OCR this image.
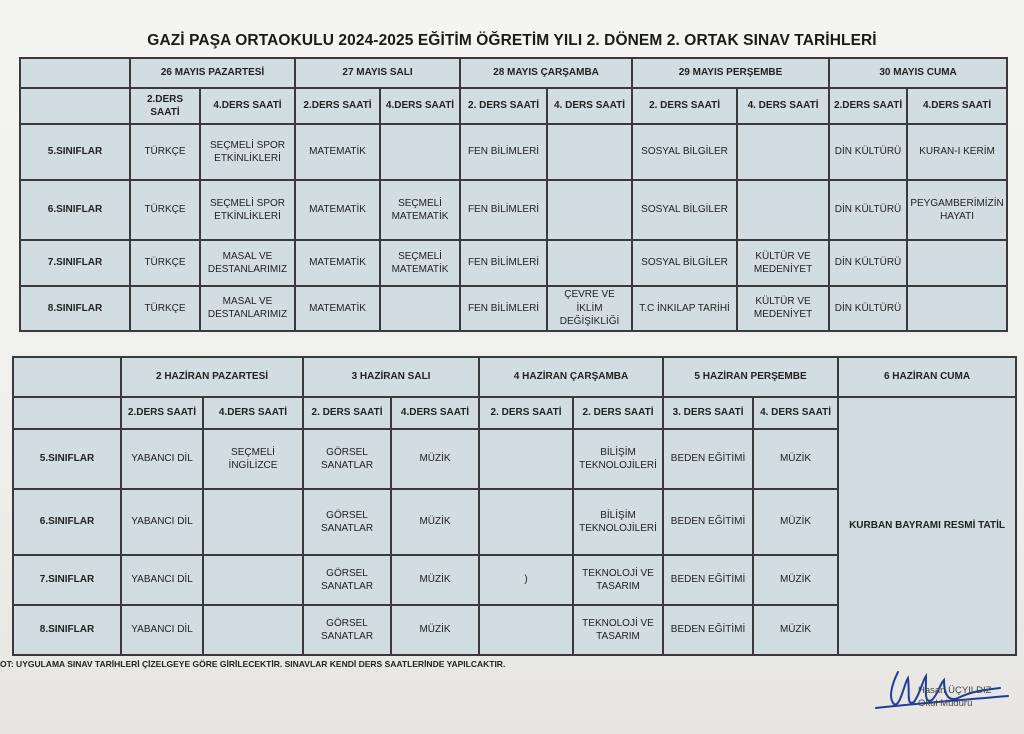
GAZİ PAŞA ORTAOKULU 2024-2025 EĞİTİM ÖĞRETİM YILI 2. DÖNEM 2. ORTAK SINAV TARİHLERİ
	26 MAYIS PAZARTESİ		27 MAYIS SALI		28 MAYIS ÇARŞAMBA		29 MAYIS PERŞEMBE		30 MAYIS CUMA	
	2.DERS SAATİ	4.DERS SAATİ	2.DERS SAATİ	4.DERS SAATİ	2. DERS SAATİ	4. DERS SAATİ	2. DERS SAATİ	4. DERS SAATİ	2.DERS SAATİ	4.DERS SAATİ
5.SINIFLAR	TÜRKÇE	SEÇMELİ SPOR ETKİNLİKLERİ	MATEMATİK		FEN BİLİMLERİ		SOSYAL BİLGİLER		DİN KÜLTÜRÜ	KURAN-I KERİM
6.SINIFLAR	TÜRKÇE	SEÇMELİ SPOR ETKİNLİKLERİ	MATEMATİK	SEÇMELİ MATEMATİK	FEN BİLİMLERİ		SOSYAL BİLGİLER		DİN KÜLTÜRÜ	PEYGAMBERİMİZİN HAYATI
7.SINIFLAR	TÜRKÇE	MASAL VE DESTANLARIMIZ	MATEMATİK	SEÇMELİ MATEMATİK	FEN BİLİMLERİ		SOSYAL BİLGİLER	KÜLTÜR VE MEDENİYET	DİN KÜLTÜRÜ	
8.SINIFLAR	TÜRKÇE	MASAL VE DESTANLARIMIZ	MATEMATİK		FEN BİLİMLERİ	ÇEVRE VE İKLİM DEĞİŞİKLİĞİ	T.C İNKILAP TARİHİ	KÜLTÜR VE MEDENİYET	DİN KÜLTÜRÜ	
	2 HAZİRAN PAZARTESİ		3 HAZİRAN SALI		4 HAZİRAN ÇARŞAMBA		5 HAZİRAN PERŞEMBE		6 HAZİRAN CUMA
	2.DERS SAATİ	4.DERS SAATİ	2. DERS SAATİ	4.DERS SAATİ	2. DERS SAATİ	2. DERS SAATİ	3. DERS SAATİ	4. DERS SAATİ	KURBAN BAYRAMI RESMİ TATİL
5.SINIFLAR	YABANCI DİL	SEÇMELİ İNGİLİZCE	GÖRSEL SANATLAR	MÜZİK		BİLİŞİM TEKNOLOJİLERİ	BEDEN EĞİTİMİ	MÜZİK	
6.SINIFLAR	YABANCI DİL		GÖRSEL SANATLAR	MÜZİK		BİLİŞİM TEKNOLOJİLERİ	BEDEN EĞİTİMİ	MÜZİK	
7.SINIFLAR	YABANCI DİL		GÖRSEL SANATLAR	MÜZİK	)	TEKNOLOJİ VE TASARIM	BEDEN EĞİTİMİ	MÜZİK	
8.SINIFLAR	YABANCI DİL		GÖRSEL SANATLAR	MÜZİK		TEKNOLOJİ VE TASARIM	BEDEN EĞİTİMİ	MÜZİK	
OT: UYGULAMA SINAV TARİHLERİ ÇİZELGEYE GÖRE GİRİLECEKTİR. SINAVLAR KENDİ DERS SAATLERİNDE YAPILCAKTIR.
Hasan ÜÇYILDIZ
Okul Müdürü
